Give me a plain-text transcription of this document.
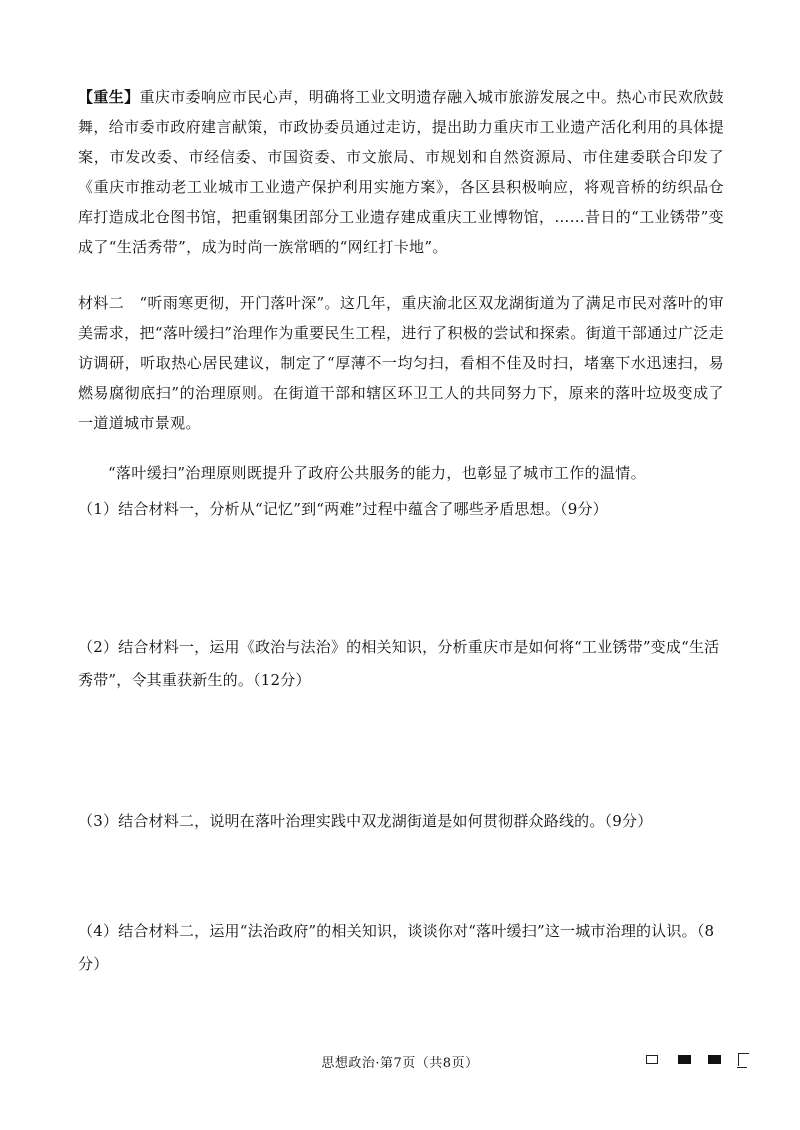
【重生】重庆市委响应市民心声，明确将工业文明遗存融入城市旅游发展之中。热心市民欢欣鼓舞，给市委市政府建言献策，市政协委员通过走访，提出助力重庆市工业遗产活化利用的具体提案，市发改委、市经信委、市国资委、市文旅局、市规划和自然资源局、市住建委联合印发了《重庆市推动老工业城市工业遗产保护利用实施方案》，各区县积极响应，将观音桥的纺织品仓库打造成北仓图书馆，把重钢集团部分工业遗存建成重庆工业博物馆，……昔日的“工业锈带”变成了“生活秀带”，成为时尚一族常晒的“网红打卡地”。

材料二 “听雨寒更彻，开门落叶深”。这几年，重庆渝北区双龙湖街道为了满足市民对落叶的审美需求，把“落叶缓扫”治理作为重要民生工程，进行了积极的尝试和探索。街道干部通过广泛走访调研，听取热心居民建议，制定了“厚薄不一均匀扫，看相不佳及时扫，堵塞下水迅速扫，易燃易腐彻底扫”的治理原则。在街道干部和辖区环卫工人的共同努力下，原来的落叶垃圾变成了一道道城市景观。

“落叶缓扫”治理原则既提升了政府公共服务的能力，也彰显了城市工作的温情。

（1）结合材料一，分析从“记忆”到“两难”过程中蕴含了哪些矛盾思想。（9分）

（2）结合材料一，运用《政治与法治》的相关知识，分析重庆市是如何将“工业锈带”变成“生活秀带”，令其重获新生的。（12分）

（3）结合材料二，说明在落叶治理实践中双龙湖街道是如何贯彻群众路线的。（9分）

（4）结合材料二，运用“法治政府”的相关知识，谈谈你对“落叶缓扫”这一城市治理的认识。（8分）

思想政治·第7页（共8页）
